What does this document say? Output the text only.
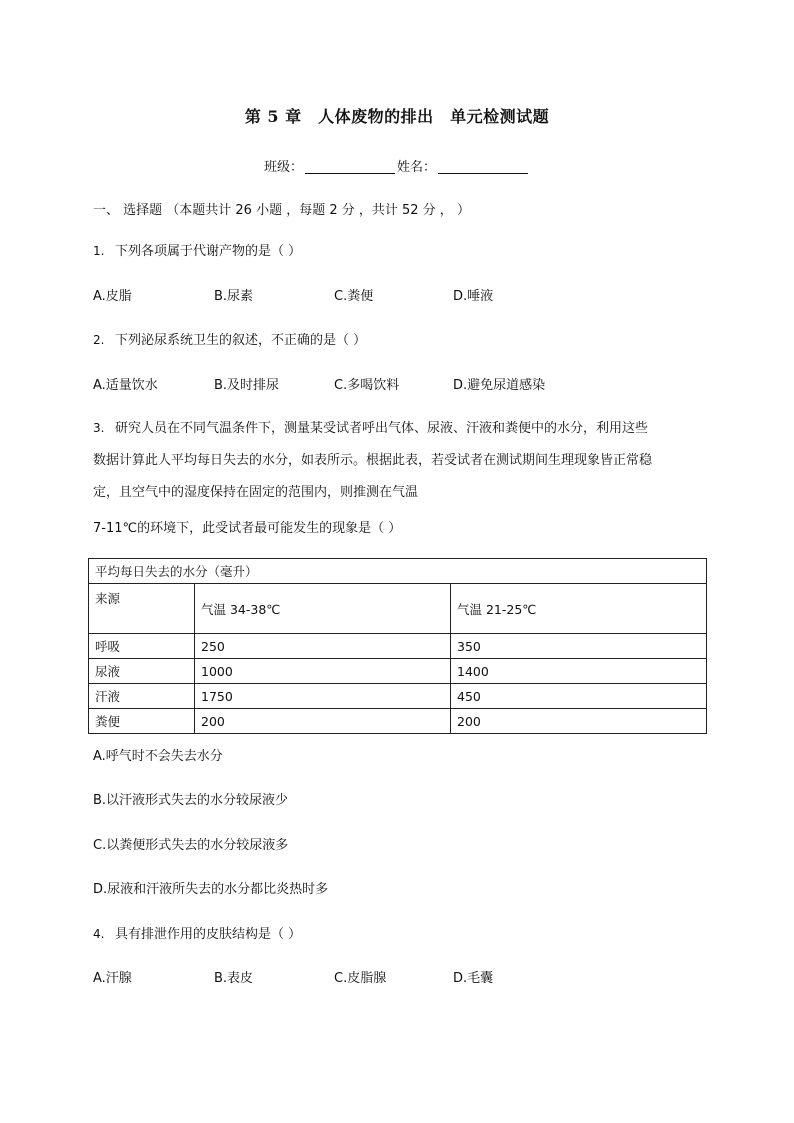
第 5 章　人体废物的排出　单元检测试题
班级：	姓名：
一、 选择题 （本题共计 26 小题 ，每题 2 分 ，共计 52 分 ， ）
1. 下列各项属于代谢产物的是（ ）
A.皮脂	B.尿素	C.粪便	D.唾液
2. 下列泌尿系统卫生的叙述，不正确的是（ ）
A.适量饮水	B.及时排尿	C.多喝饮料	D.避免尿道感染
3. 研究人员在不同气温条件下，测量某受试者呼出气体、尿液、汗液和粪便中的水分，利用这些
数据计算此人平均每日失去的水分，如表所示。根据此表，若受试者在测试期间生理现象皆正常稳
定，且空气中的湿度保持在固定的范围内，则推测在气温
7-11℃的环境下，此受试者最可能发生的现象是（ ）
平均每日失去的水分（毫升）		
来源	气温 34-38℃	气温 21-25℃
呼吸	250	350
尿液	1000	1400
汗液	1750	450
粪便	200	200
A.呼气时不会失去水分
B.以汗液形式失去的水分较尿液少
C.以粪便形式失去的水分较尿液多
D.尿液和汗液所失去的水分都比炎热时多
4. 具有排泄作用的皮肤结构是（ ）
A.汗腺	B.表皮	C.皮脂腺	D.毛囊
